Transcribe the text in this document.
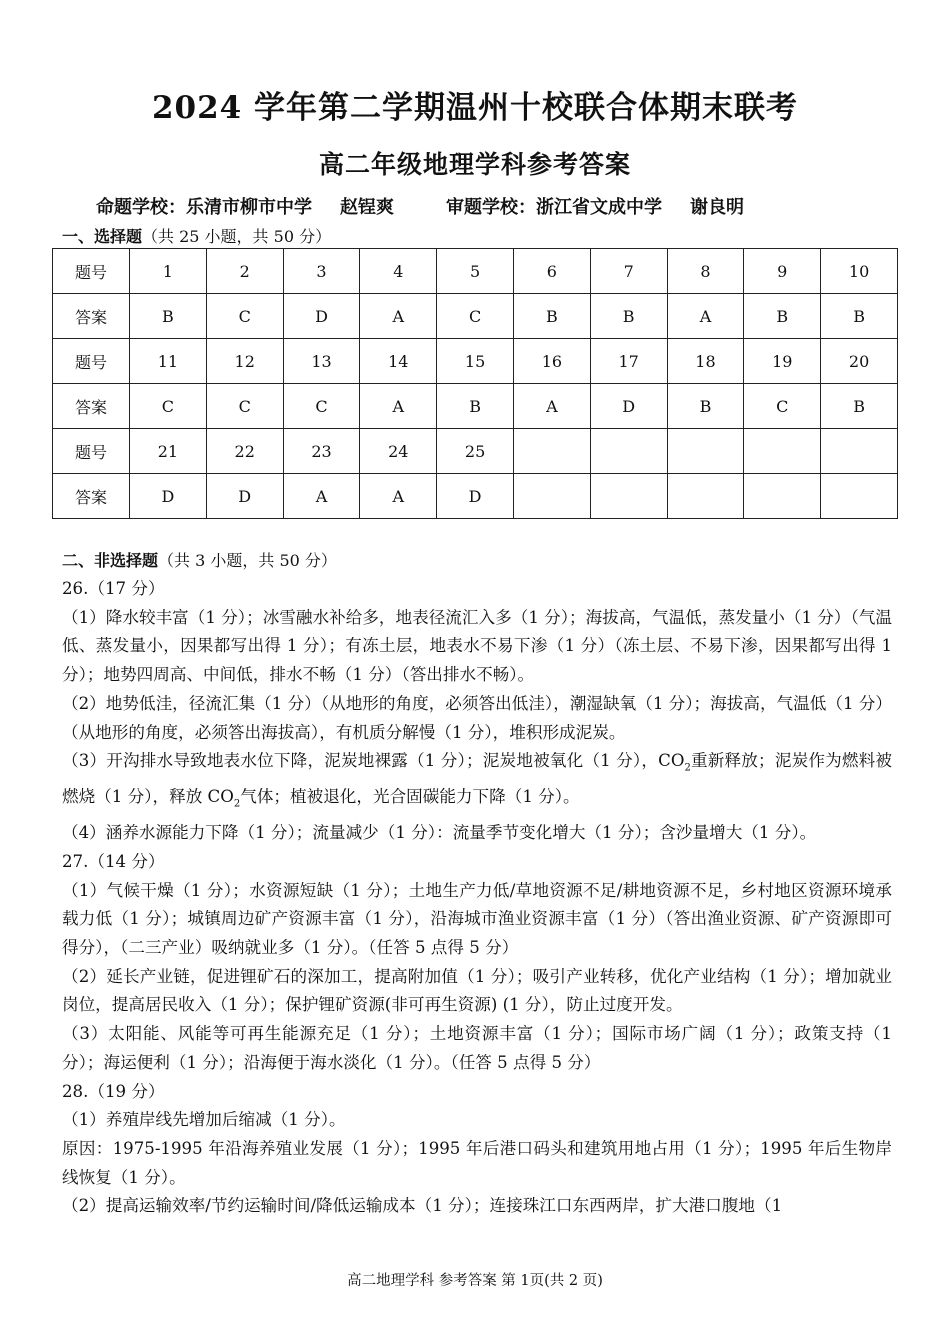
2024 学年第二学期温州十校联合体期末联考
高二年级地理学科参考答案
命题学校：乐清市柳市中学 赵锃爽	审题学校：浙江省文成中学 谢良明
一、选择题（共 25 小题，共 50 分）
题号	1	2	3	4	5	6	7	8	9	10
答案	B	C	D	A	C	B	B	A	B	B
题号	11	12	13	14	15	16	17	18	19	20
答案	C	C	C	A	B	A	D	B	C	B
题号	21	22	23	24	25					
答案	D	D	A	A	D					
二、非选择题（共 3 小题，共 50 分）

26.（17 分）

（1）降水较丰富（1 分）；冰雪融水补给多，地表径流汇入多（1 分）；海拔高，气温低，蒸发量小（1 分）（气温低、蒸发量小，因果都写出得 1 分）；有冻土层，地表水不易下渗（1 分）（冻土层、不易下渗，因果都写出得 1 分）；地势四周高、中间低，排水不畅（1 分）（答出排水不畅）。

（2）地势低洼，径流汇集（1 分）（从地形的角度，必须答出低洼），潮湿缺氧（1 分）；海拔高，气温低（1 分）（从地形的角度，必须答出海拔高），有机质分解慢（1 分），堆积形成泥炭。

（3）开沟排水导致地表水位下降，泥炭地裸露（1 分）；泥炭地被氧化（1 分），$CO_2$重新释放；泥炭作为燃料被燃烧（1 分），释放 $CO_2$气体；植被退化，光合固碳能力下降（1 分）。

（4）涵养水源能力下降（1 分）；流量减少（1 分）：流量季节变化增大（1 分）；含沙量增大（1 分）。

27.（14 分）

（1）气候干燥（1 分）；水资源短缺（1 分）；土地生产力低/草地资源不足/耕地资源不足，乡村地区资源环境承载力低（1 分）；城镇周边矿产资源丰富（1 分），沿海城市渔业资源丰富（1 分）（答出渔业资源、矿产资源即可得分），（二三产业）吸纳就业多（1 分）。（任答 5 点得 5 分）

（2）延长产业链，促进锂矿石的深加工，提高附加值（1 分）；吸引产业转移，优化产业结构（1 分）；增加就业岗位，提高居民收入（1 分）；保护锂矿资源(非可再生资源) (1 分），防止过度开发。

（3）太阳能、风能等可再生能源充足（1 分）；土地资源丰富（1 分）；国际市场广阔（1 分）；政策支持（1 分）；海运便利（1 分）；沿海便于海水淡化（1 分）。（任答 5 点得 5 分）

28.（19 分）

（1）养殖岸线先增加后缩减（1 分）。

原因：1975-1995 年沿海养殖业发展（1 分）；1995 年后港口码头和建筑用地占用（1 分）；1995 年后生物岸线恢复（1 分）。

（2）提高运输效率/节约运输时间/降低运输成本（1 分）；连接珠江口东西两岸，扩大港口腹地（1

高二地理学科 参考答案 第 1页(共 2 页)
